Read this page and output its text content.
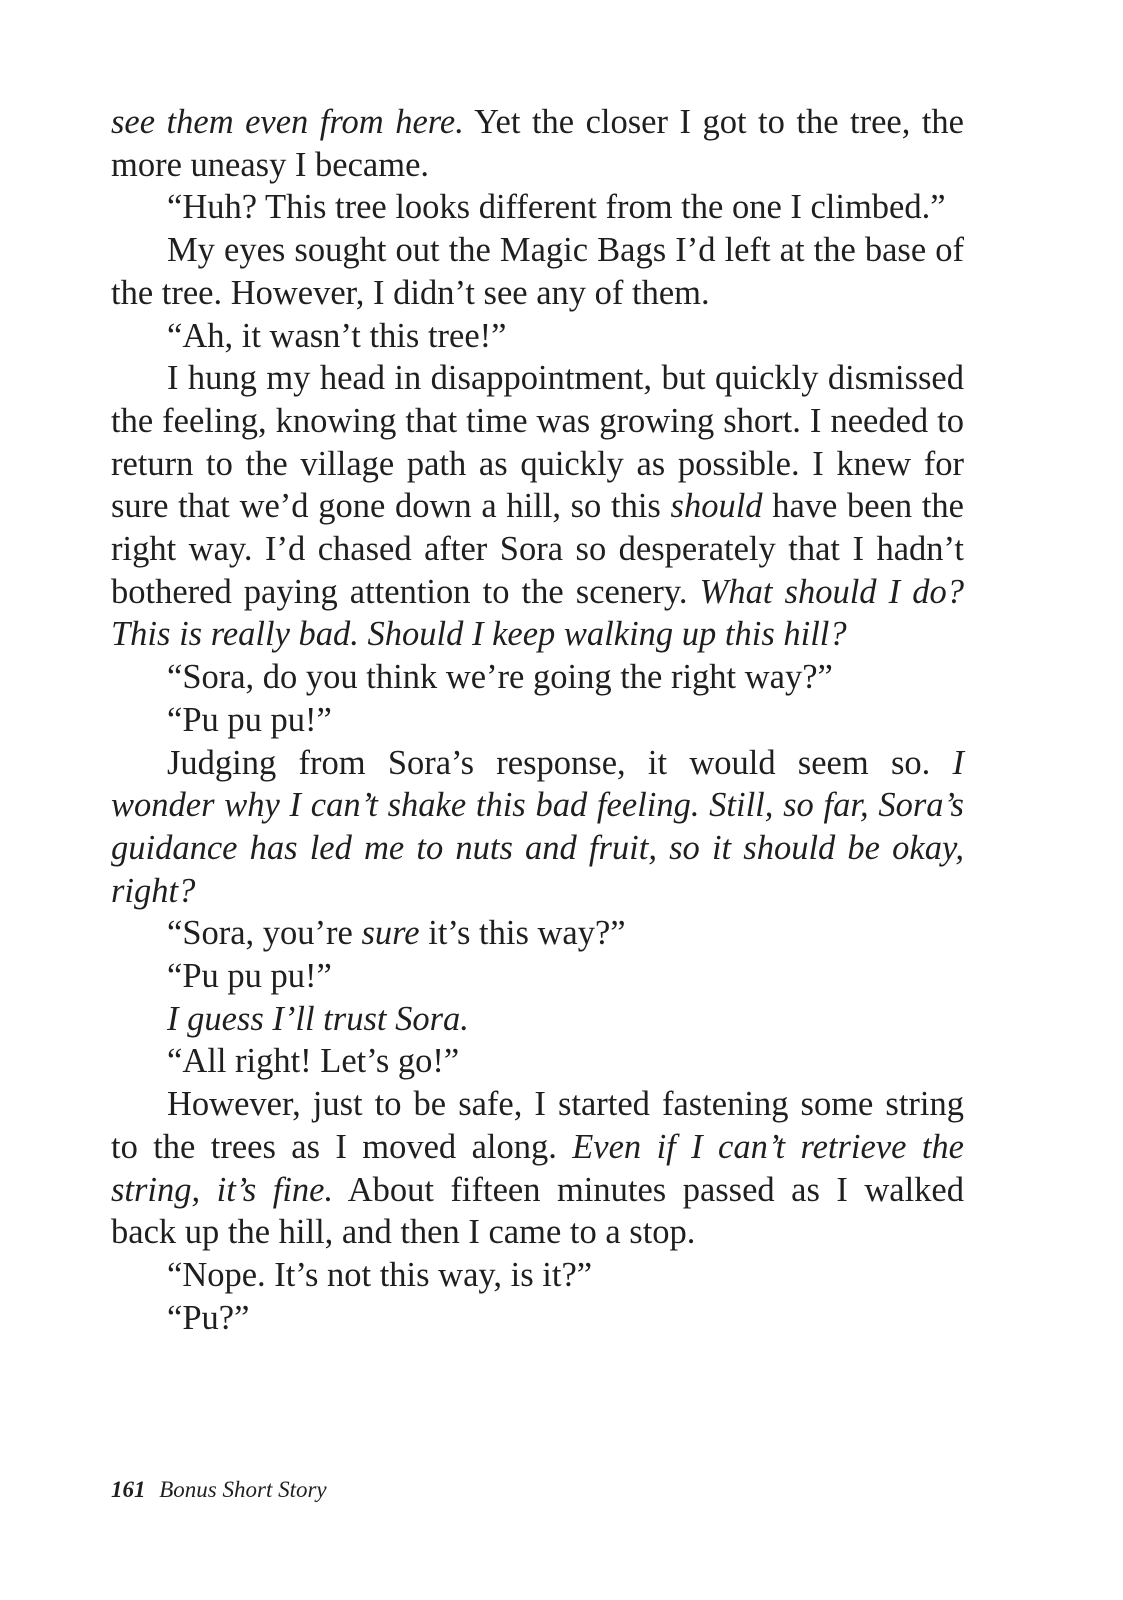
see them even from here. Yet the closer I got to the tree, the more uneasy I became.

“Huh? This tree looks different from the one I climbed.”

My eyes sought out the Magic Bags I’d left at the base of the tree. However, I didn’t see any of them.

“Ah, it wasn’t this tree!”

I hung my head in disappointment, but quickly dismissed the feeling, knowing that time was growing short. I needed to return to the village path as quickly as possible. I knew for sure that we’d gone down a hill, so this should have been the right way. I’d chased after Sora so desperately that I hadn’t bothered paying attention to the scenery. What should I do? This is really bad. Should I keep walking up this hill?

“Sora, do you think we’re going the right way?”

“Pu pu pu!”

Judging from Sora’s response, it would seem so. I wonder why I can’t shake this bad feeling. Still, so far, Sora’s guidance has led me to nuts and fruit, so it should be okay, right?

“Sora, you’re sure it’s this way?”

“Pu pu pu!”

I guess I’ll trust Sora.

“All right! Let’s go!”

However, just to be safe, I started fastening some string to the trees as I moved along. Even if I can’t retrieve the string, it’s fine. About fifteen minutes passed as I walked back up the hill, and then I came to a stop.

“Nope. It’s not this way, is it?”

“Pu?”

161 Bonus Short Story
